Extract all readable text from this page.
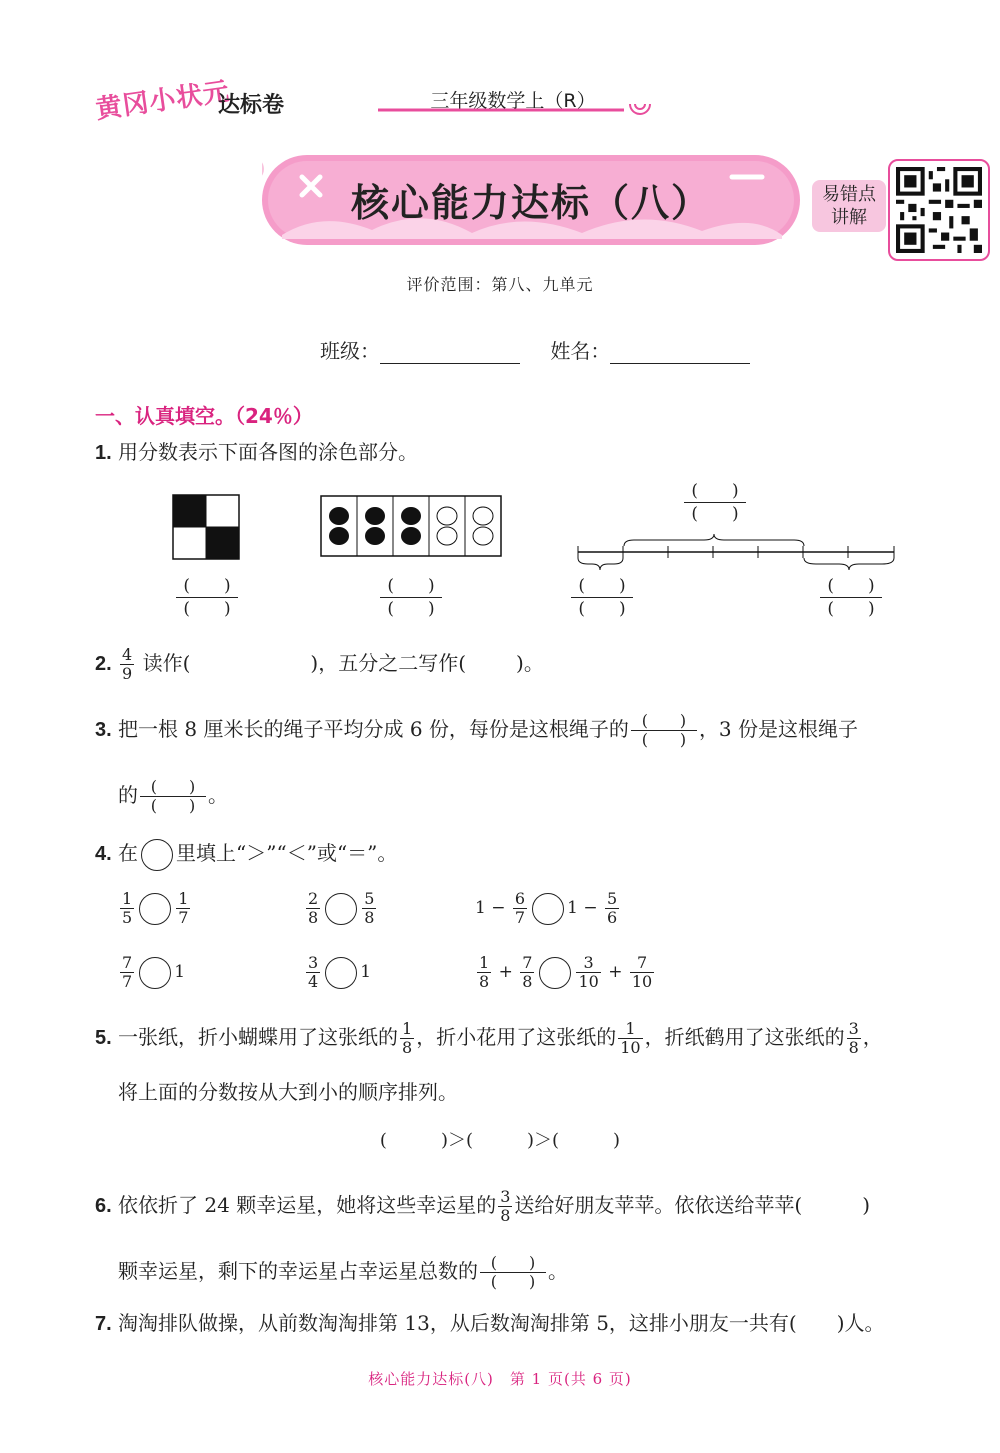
黄冈小状元
达标卷	三年级数学上（R）
核心能力达标（八）	易错点
讲解
评价范围：第八、九单元
班级：	姓名：
一、认真填空。（24％）
1. 用分数表示下面各图的涂色部分。
(　　)
(　　)
(　　)
(　　)
(　　)
(　　)
(　　)
(　　)
(　　)
(　　)
2. $\frac{4}{9}$ 读作(	)，五分之二写作(	)。
3. 把一根 8 厘米长的绳子平均分成 6 份，每份是这根绳子的 $\frac{( )}{( )}$ ，3 份是这根绳子
的 $\frac{( )}{( )}$ 。
4. 在 里填上“＞”“＜”或“＝”。
$\frac{1}{5}$	$\frac{1}{7}$	$\frac{2}{8}$	$\frac{5}{8}$	$1 - \frac{6}{7} 1 - \frac{5}{6}$
$\frac{7}{7} 1$	$\frac{3}{4} 1$	$\frac{1}{8} + \frac{7}{8}$	$\frac{3}{10} + \frac{7}{10}$
5. 一张纸，折小蝴蝶用了这张纸的 $\frac{1}{8}$ ，折小花用了这张纸的 $\frac{1}{10}$ ，折纸鹤用了这张纸的 $\frac{3}{8}$ ，
将上面的分数按从大到小的顺序排列。
(　　　)＞(　　　)＞(　　　)
6. 依依折了 24 颗幸运星，她将这些幸运星的 $\frac{3}{8}$ 送给好朋友苹苹。依依送给苹苹(　　　)
颗幸运星，剩下的幸运星占幸运星总数的 $\frac{( )}{( )}$ 。
7. 淘淘排队做操，从前数淘淘排第 13，从后数淘淘排第 5，这排小朋友一共有(　　)人。
核心能力达标(八)　第 1 页(共 6 页)
